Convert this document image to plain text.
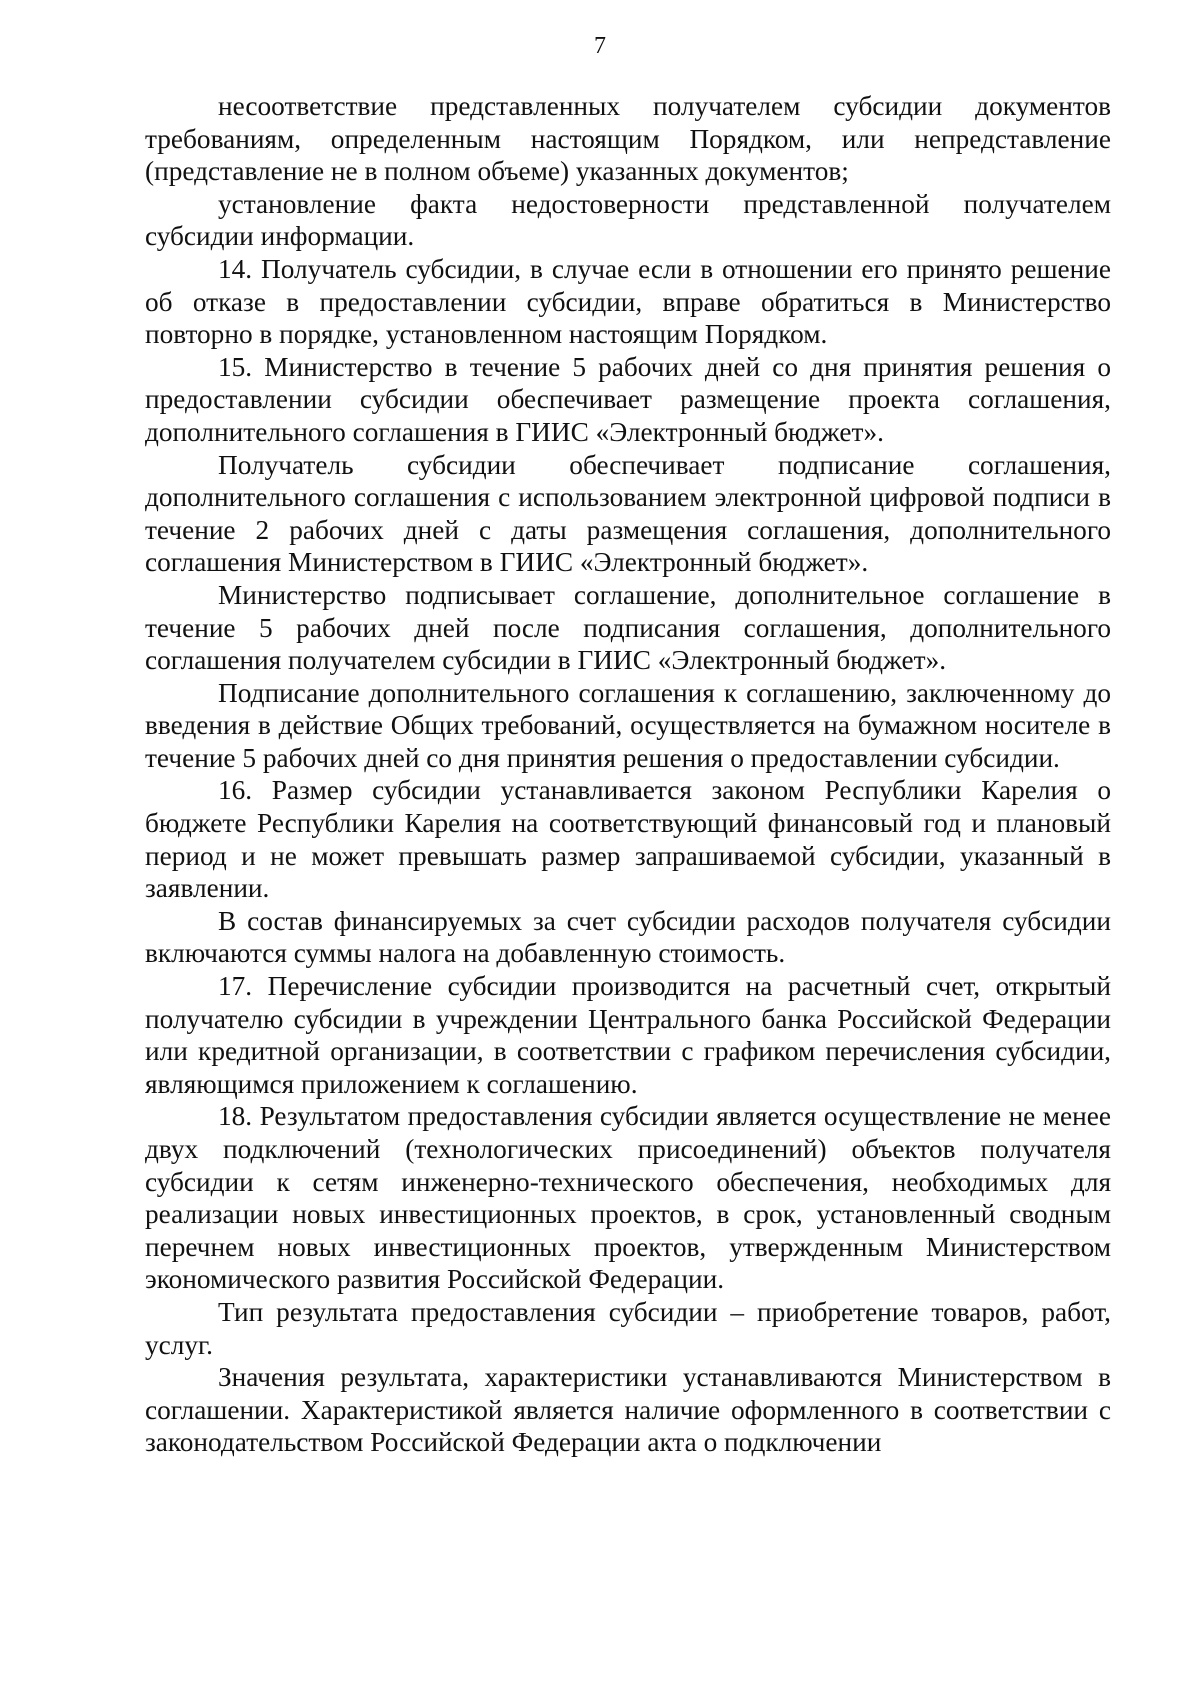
7

несоответствие представленных получателем субсидии документов требованиям, определенным настоящим Порядком, или непредставление (представление не в полном объеме) указанных документов;

установление факта недостоверности представленной получателем субсидии информации.

14. Получатель субсидии, в случае если в отношении его принято решение об отказе в предоставлении субсидии, вправе обратиться в Министерство повторно в порядке, установленном настоящим Порядком.

15. Министерство в течение 5 рабочих дней со дня принятия решения о предоставлении субсидии обеспечивает размещение проекта соглашения, дополнительного соглашения в ГИИС «Электронный бюджет».

Получатель субсидии обеспечивает подписание соглашения, дополнительного соглашения с использованием электронной цифровой подписи в течение 2 рабочих дней с даты размещения соглашения, дополнительного соглашения Министерством в ГИИС «Электронный бюджет».

Министерство подписывает соглашение, дополнительное соглашение в течение 5 рабочих дней после подписания соглашения, дополнительного соглашения получателем субсидии в ГИИС «Электронный бюджет».

Подписание дополнительного соглашения к соглашению, заключенному до введения в действие Общих требований, осуществляется на бумажном носителе в течение 5 рабочих дней со дня принятия решения о предоставлении субсидии.

16. Размер субсидии устанавливается законом Республики Карелия о бюджете Республики Карелия на соответствующий финансовый год и плановый период и не может превышать размер запрашиваемой субсидии, указанный в заявлении.

В состав финансируемых за счет субсидии расходов получателя субсидии включаются суммы налога на добавленную стоимость.

17. Перечисление субсидии производится на расчетный счет, открытый получателю субсидии в учреждении Центрального банка Российской Федерации или кредитной организации, в соответствии с графиком перечисления субсидии, являющимся приложением к соглашению.

18. Результатом предоставления субсидии является осуществление не менее двух подключений (технологических присоединений) объектов получателя субсидии к сетям инженерно-технического обеспечения, необходимых для реализации новых инвестиционных проектов, в срок, установленный сводным перечнем новых инвестиционных проектов, утвержденным Министерством экономического развития Российской Федерации.

Тип результата предоставления субсидии – приобретение товаров, работ, услуг.

Значения результата, характеристики устанавливаются Министерством в соглашении. Характеристикой является наличие оформленного в соответствии с законодательством Российской Федерации акта о подключении
